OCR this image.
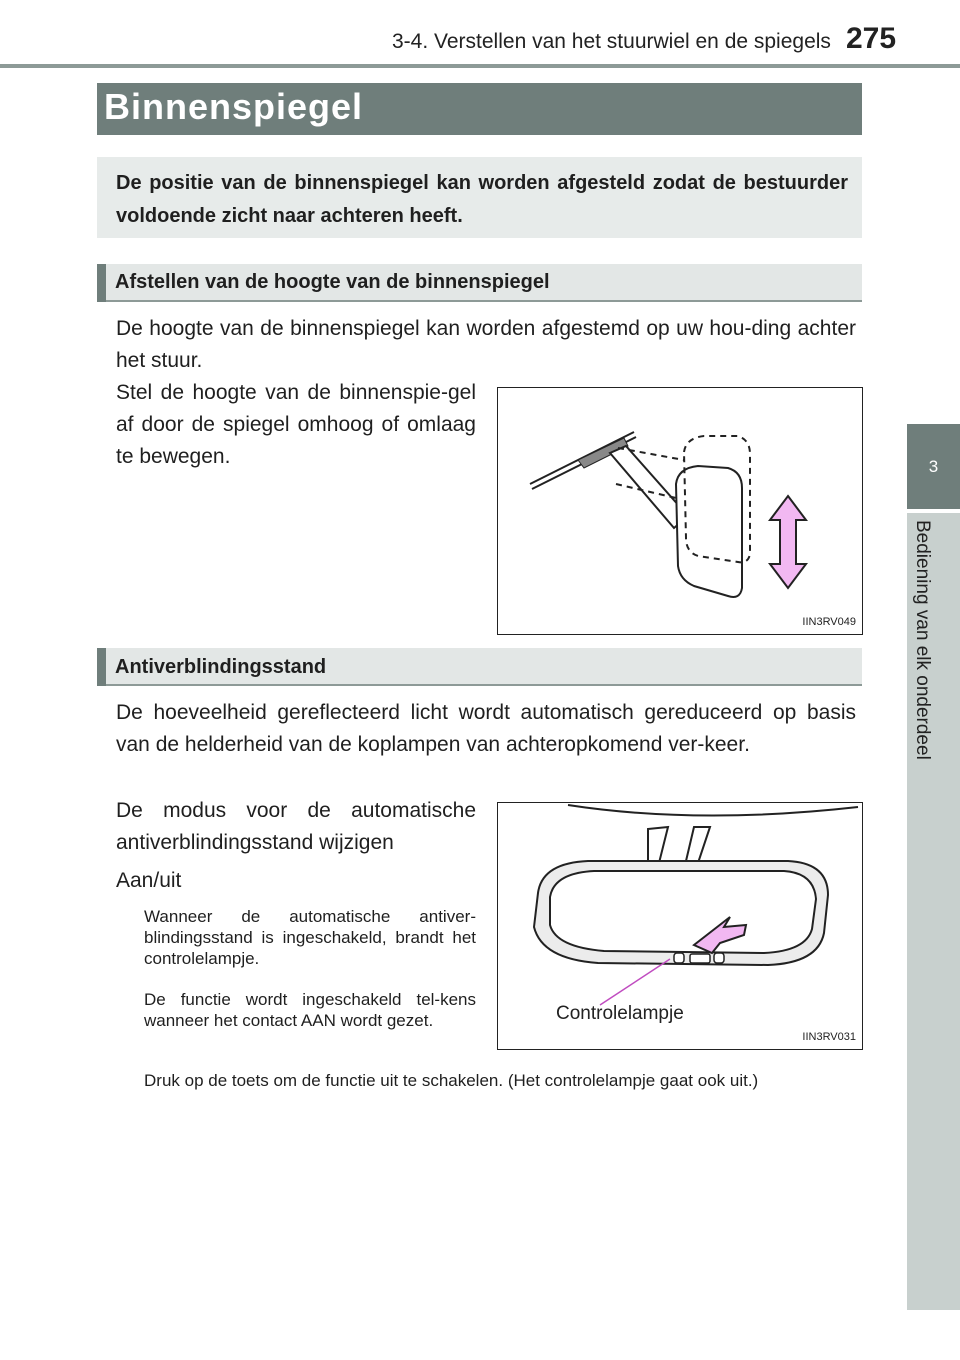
3-4. Verstellen van het stuurwiel en de spiegels 275
3
Bediening van elk onderdeel
Binnenspiegel
De positie van de binnenspiegel kan worden afgesteld zodat de bestuurder voldoende zicht naar achteren heeft.
Afstellen van de hoogte van de binnenspiegel
De hoogte van de binnenspiegel kan worden afgestemd op uw hou-ding achter het stuur.
Stel de hoogte van de binnenspie-gel af door de spiegel omhoog of omlaag te bewegen.
IIN3RV049
Antiverblindingsstand
De hoeveelheid gereflecteerd licht wordt automatisch gereduceerd op basis van de helderheid van de koplampen van achteropkomend ver-keer.
De modus voor de automatische antiverblindingsstand wijzigen
Aan/uit
Wanneer de automatische antiver-blindingsstand is ingeschakeld, brandt het controlelampje.
De functie wordt ingeschakeld tel-kens wanneer het contact AAN wordt gezet.
Druk op de toets om de functie uit te schakelen. (Het controlelampje gaat ook uit.)
Controlelampje
IIN3RV031
